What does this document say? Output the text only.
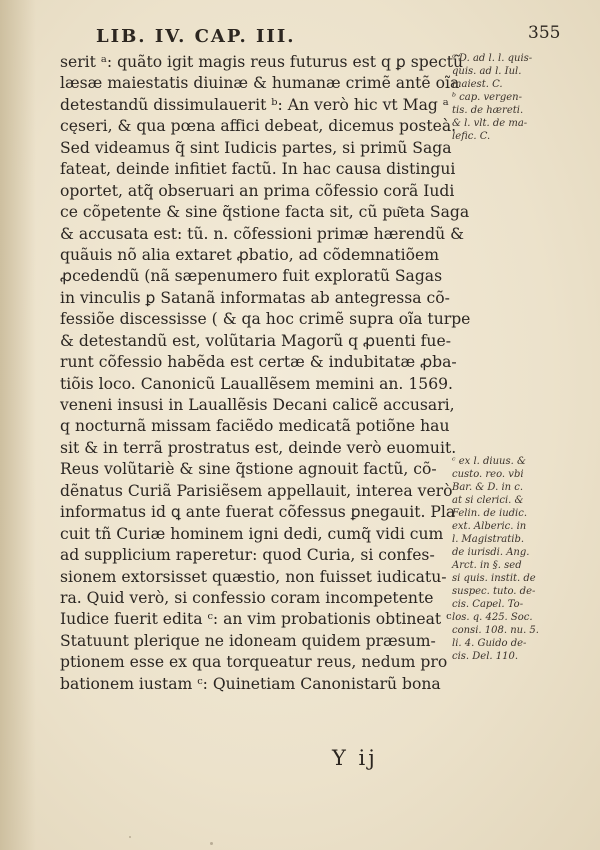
LIB. IV. CAP. III.	355
serit ᵃ: quãto igit magis reus futurus est q ꝑ spectũ
læsæ maiestatis diuinæ & humanæ crimẽ antẽ oĩa
detestandũ dissimulauerit ᵇ: An verò hic vt Mag ᵃ
cęseri, & qua pœna affici debeat, dicemus posteà.
Sed videamus q̃ sint Iudicis partes, si primũ Saga
fateat, deinde infitiet factũ. In hac causa distingui
oportet, atq̃ obseruari an prima cõfessio corã Iudi
ce cõpetente & sine q̃stione facta sit, cũ pu͂eta Saga
& accusata est: tũ. n. cõfessioni primæ hærendũ &
quãuis nõ alia extaret ꝓbatio, ad cõdemnatiõem
ꝓcedendũ (nã sæpenumero fuit exploratũ Sagas
in vinculis ꝑ Satanã informatas ab antegressa cõ-
fessiõe discessisse ( & qa hoc crimẽ supra oĩa turpe
& detestandũ est, volũtaria Magorũ q ꝓuenti fue-
runt cõfessio habẽda est certæ & indubitatæ ꝓba-
tiõis loco. Canonicũ Lauallẽsem memini an. 1569.
veneni insusi in Lauallẽsis Decani calicẽ accusari,
q nocturnã missam faciẽdo medicatã potiõne hau
sit & in terrã prostratus est, deinde verò euomuit.
Reus volũtariè & sine q̃stione agnouit factũ, cõ-
dẽnatus Curiã Parisiẽsem appellauit, interea verò
informatus id ꝗ ante fuerat cõfessus ꝑnegauit. Pla
cuit tñ Curiæ hominem igni dedi, cumq̃ vidi cum
ad supplicium raperetur: quod Curia, si confes-
sionem extorsisset quæstio, non fuisset iudicatu-
ra. Quid verò, si confessio coram incompetente
Iudice fuerit edita ᶜ: an vim probationis obtineat ᶜ
Statuunt plerique ne idoneam quidem præsum-
ptionem esse ex qua torqueatur reus, nedum pro
bationem iustam ᶜ: Quinetiam Canonistarũ bona
ᵃ D. ad l. l. quis-
quis. ad l. Iul.
maiest. C.
ᵇ cap. vergen-
tis. de hæreti.
& l. vlt. de ma-
lefic. C.
ᶜ ex l. diuus. &
custo. reo. vbi
Bar. & D. in c.
at si clerici. &
Felin. de iudic.
ext. Alberic. in
l. Magistratib.
de iurisdi. Ang.
Arct. in §. sed
si quis. instit. de
suspec. tuto. de-
cis. Capel. To-
los. q. 425. Soc.
consi. 108. nu. 5.
li. 4. Guido de-
cis. Del. 110.
Y ij
